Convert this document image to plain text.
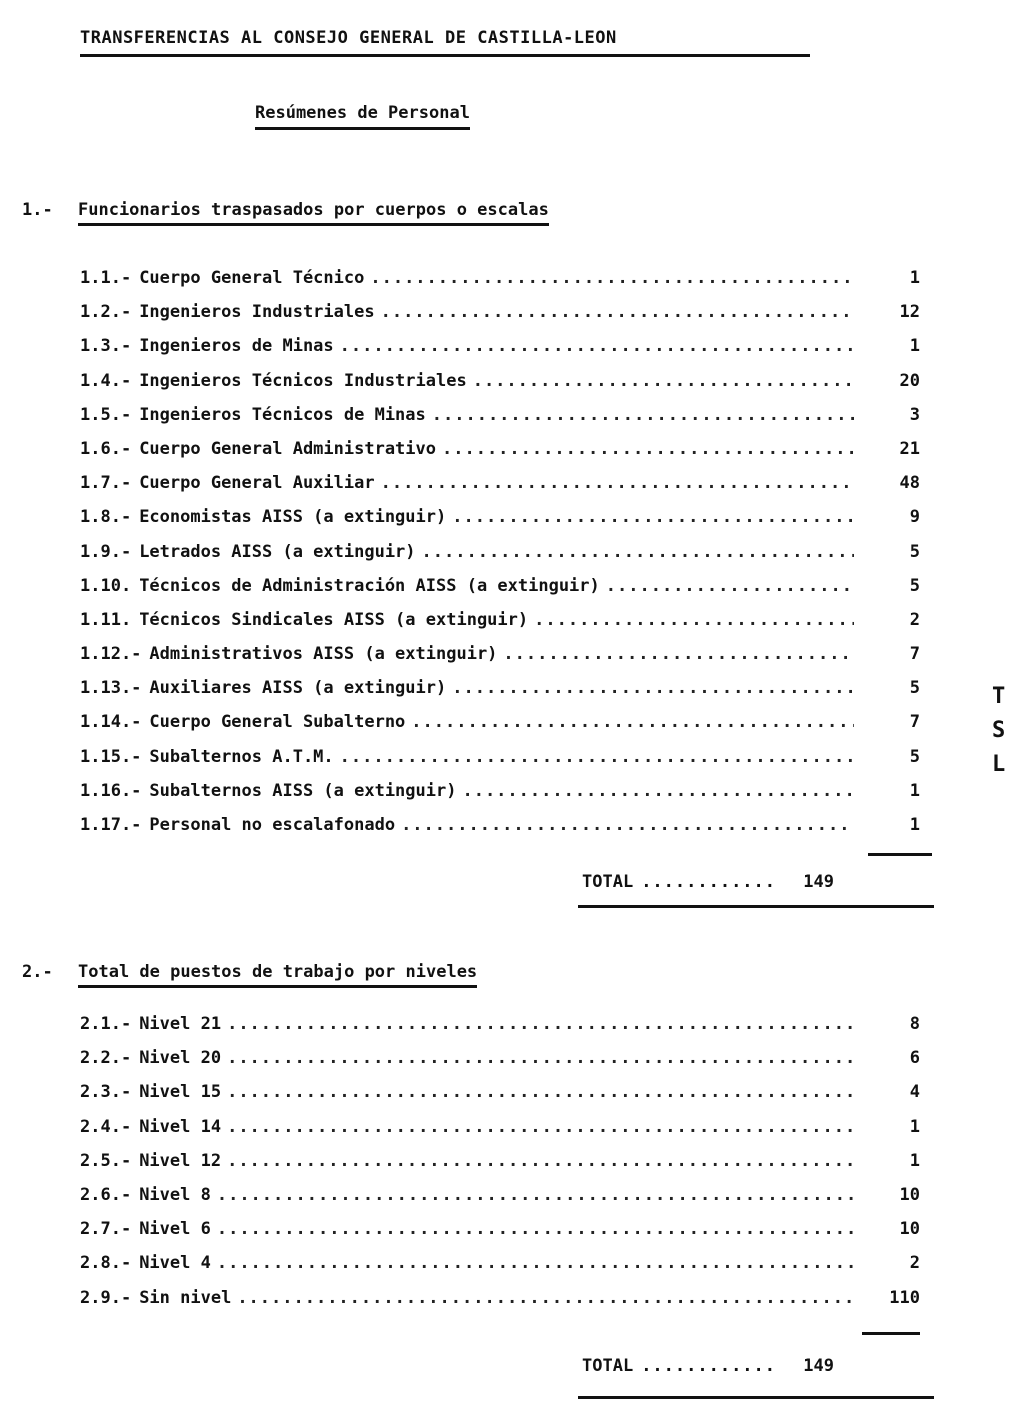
TRANSFERENCIAS AL CONSEJO GENERAL DE CASTILLA-LEON
Resúmenes de Personal
1.- Funcionarios traspasados por cuerpos o escalas
1.1.- Cuerpo General Técnico .....	1
1.2.- Ingenieros Industriales .....	12
1.3.- Ingenieros de Minas .....	1
1.4.- Ingenieros Técnicos Industriales .....	20
1.5.- Ingenieros Técnicos de Minas .....	3
1.6.- Cuerpo General Administrativo .....	21
1.7.- Cuerpo General Auxiliar .....	48
1.8.- Economistas AISS (a extinguir) .....	9
1.9.- Letrados AISS (a extinguir) .....	5
1.10. Técnicos de Administración AISS (a extinguir) .....	5
1.11. Técnicos Sindicales AISS (a extinguir) .....	2
1.12.- Administrativos AISS (a extinguir) .....	7
1.13.- Auxiliares AISS (a extinguir) .....	5
1.14.- Cuerpo General Subalterno .....	7
1.15.- Subalternos A.T.M. .....	5
1.16.- Subalternos AISS (a extinguir) .....	1
1.17.- Personal no escalafonado .....	1
TOTAL ............	149
2.- Total de puestos de trabajo por niveles
2.1.- Nivel 21 .....	8
2.2.- Nivel 20 .....	6
2.3.- Nivel 15 .....	4
2.4.- Nivel 14 .....	1
2.5.- Nivel 12 .....	1
2.6.- Nivel 8 .....	10
2.7.- Nivel 6 .....	10
2.8.- Nivel 4 .....	2
2.9.- Sin nivel .....	110
TOTAL ............	149
T
S
L
